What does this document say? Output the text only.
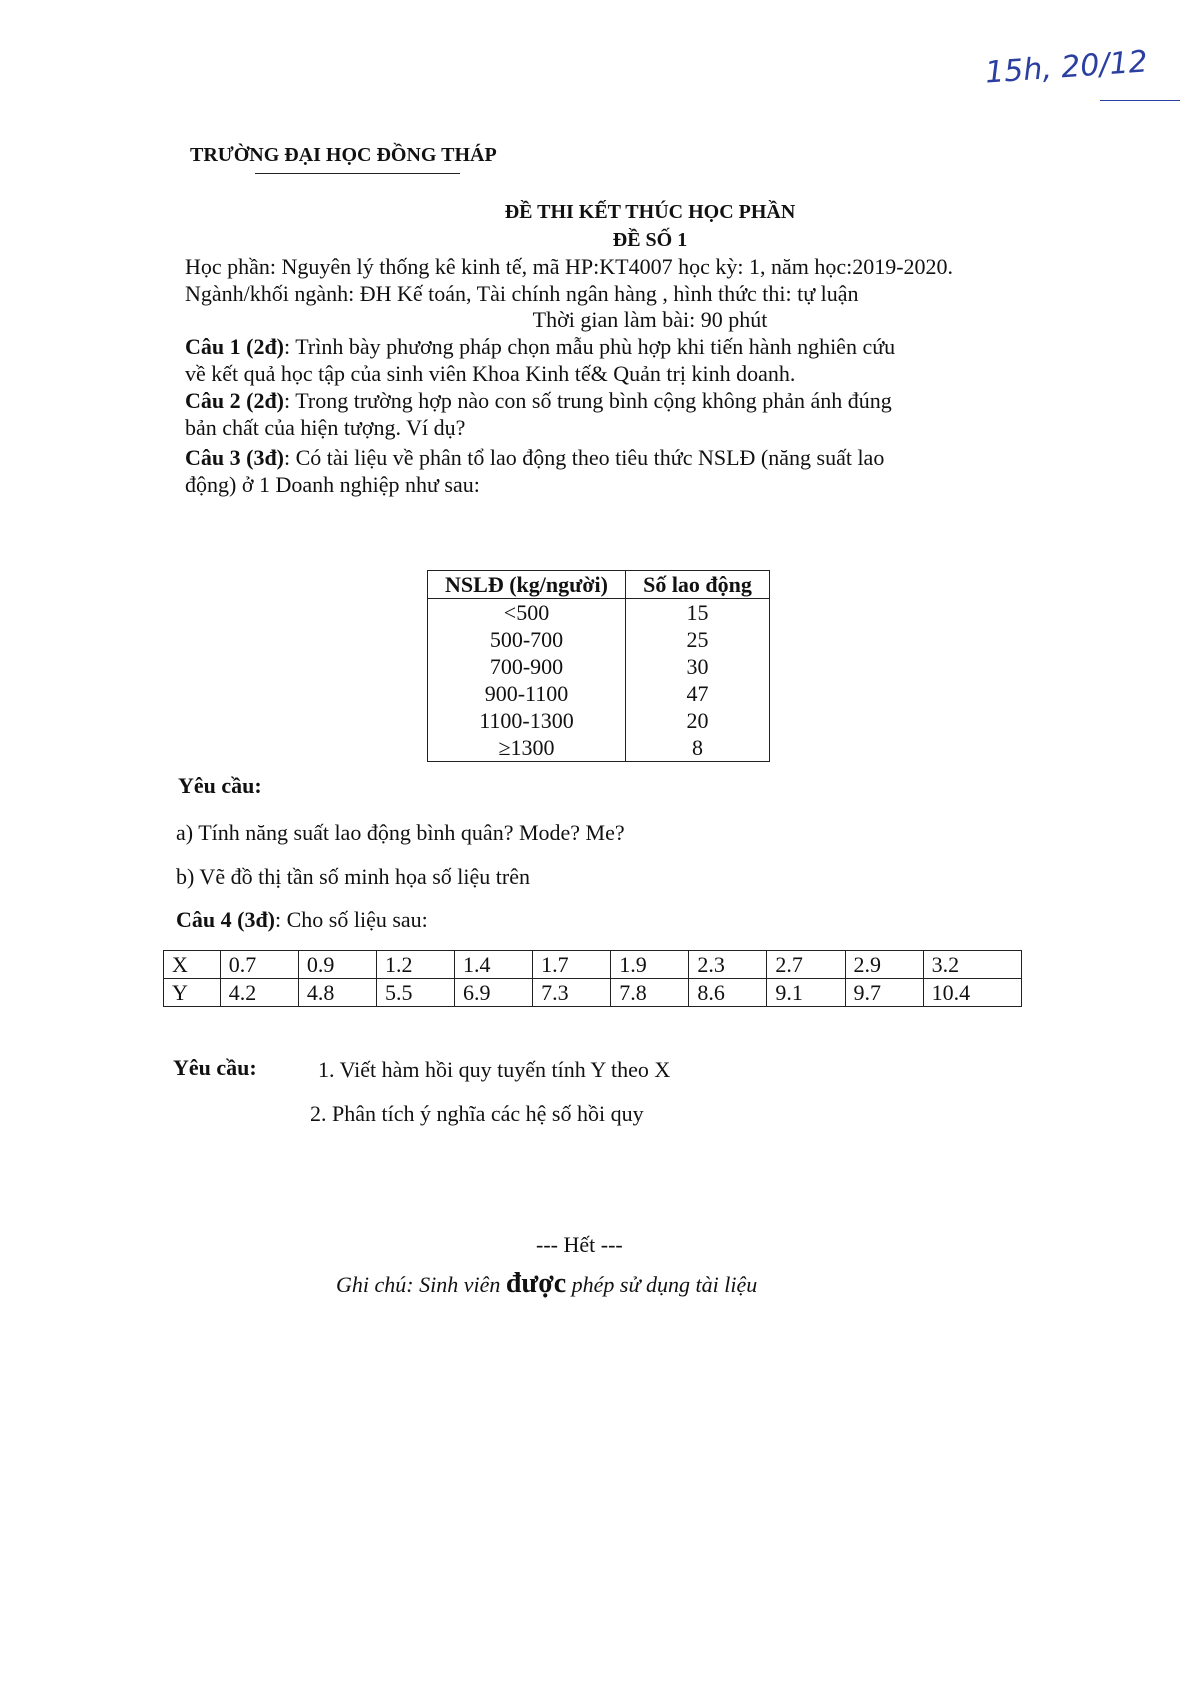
15h, 20/12
TRƯỜNG ĐẠI HỌC ĐỒNG THÁP
ĐỀ THI KẾT THÚC HỌC PHẦN
ĐỀ SỐ 1
Học phần: Nguyên lý thống kê kinh tế, mã HP:KT4007 học kỳ: 1, năm học:2019-2020.
Ngành/khối ngành: ĐH Kế toán, Tài chính ngân hàng , hình thức thi: tự luận
Thời gian làm bài: 90 phút
Câu 1 (2đ): Trình bày phương pháp chọn mẫu phù hợp khi tiến hành nghiên cứu
về kết quả học tập của sinh viên Khoa Kinh tế& Quản trị kinh doanh.
Câu 2 (2đ): Trong trường hợp nào con số trung bình cộng không phản ánh đúng
bản chất của hiện tượng. Ví dụ?
Câu 3 (3đ): Có tài liệu về phân tổ lao động theo tiêu thức NSLĐ (năng suất lao
động) ở 1 Doanh nghiệp như sau:
NSLĐ (kg/người)	Số lao động
<500	15
500-700	25
700-900	30
900-1100	47
1100-1300	20
≥1300	8
Yêu cầu:
a) Tính năng suất lao động bình quân? Mode? Me?
b) Vẽ đồ thị tần số minh họa số liệu trên
Câu 4 (3đ): Cho số liệu sau:
X	0.7	0.9	1.2	1.4	1.7	1.9	2.3	2.7	2.9	3.2
Y	4.2	4.8	5.5	6.9	7.3	7.8	8.6	9.1	9.7	10.4
Yêu cầu:	1. Viết hàm hồi quy tuyến tính Y theo X
2. Phân tích ý nghĩa các hệ số hồi quy
--- Hết ---
Ghi chú: Sinh viên được phép sử dụng tài liệu
